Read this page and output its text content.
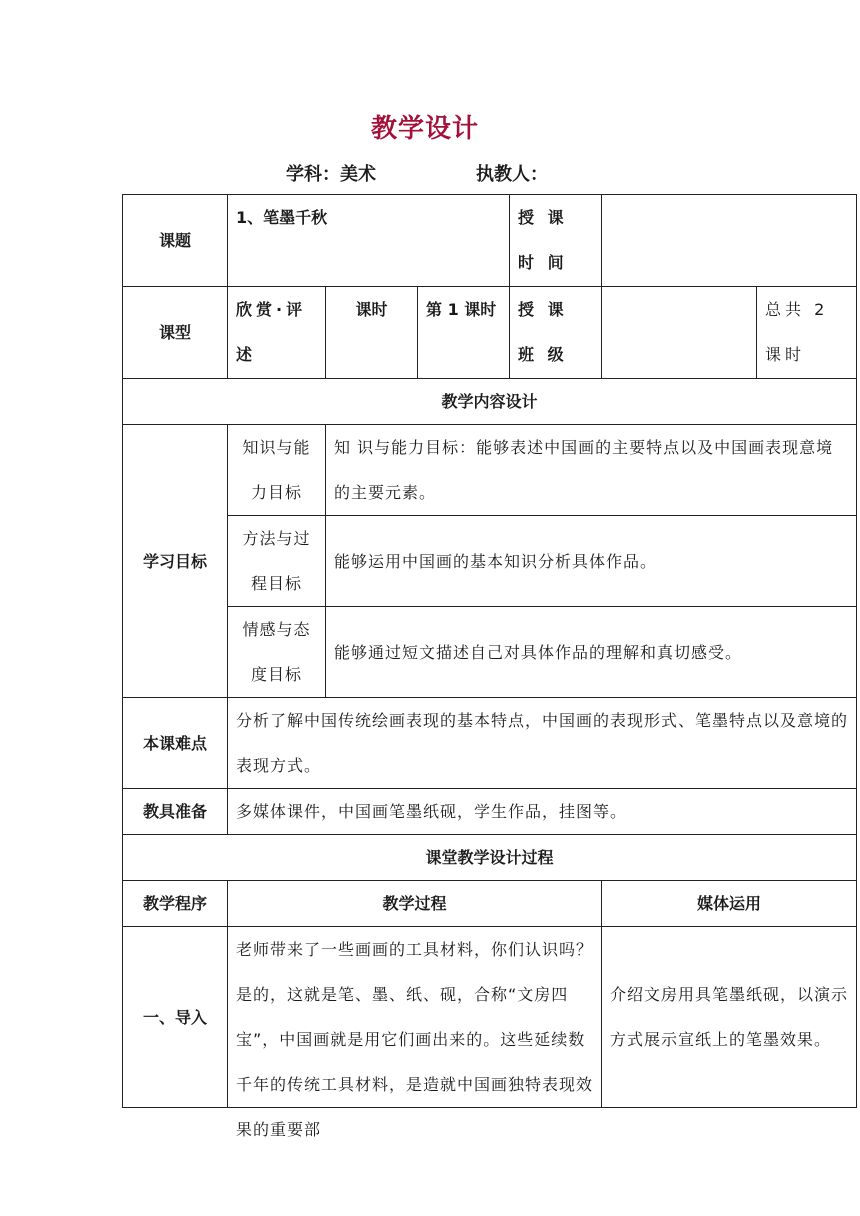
教学设计
学科：美术	执教人：
课题	1、笔墨千秋			授 课 时 间		
课型	欣赏·评述	课时	第 1 课时	授 课 班 级		总共 2 课时
教学内容设计						
学习目标	知识与能力目标	知 识与能力目标：能够表述中国画的主要特点以及中国画表现意境的主要元素。				
	方法与过程目标	能够运用中国画的基本知识分析具体作品。				
	情感与态度目标	能够通过短文描述自己对具体作品的理解和真切感受。				
本课难点	分析了解中国传统绘画表现的基本特点，中国画的表现形式、笔墨特点以及意境的表现方式。					
教具准备	多媒体课件，中国画笔墨纸砚，学生作品，挂图等。					
课堂教学设计过程						
教学程序	教学过程				媒体运用	
一、导入	老师带来了一些画画的工具材料，你们认识吗？是的，这就是笔、墨、纸、砚，合称“文房四宝”，中国画就是用它们画出来的。这些延续数千年的传统工具材料，是造就中国画独特表现效果的重要部				介绍文房用具笔墨纸砚，以演示方式展示宣纸上的笔墨效果。	
